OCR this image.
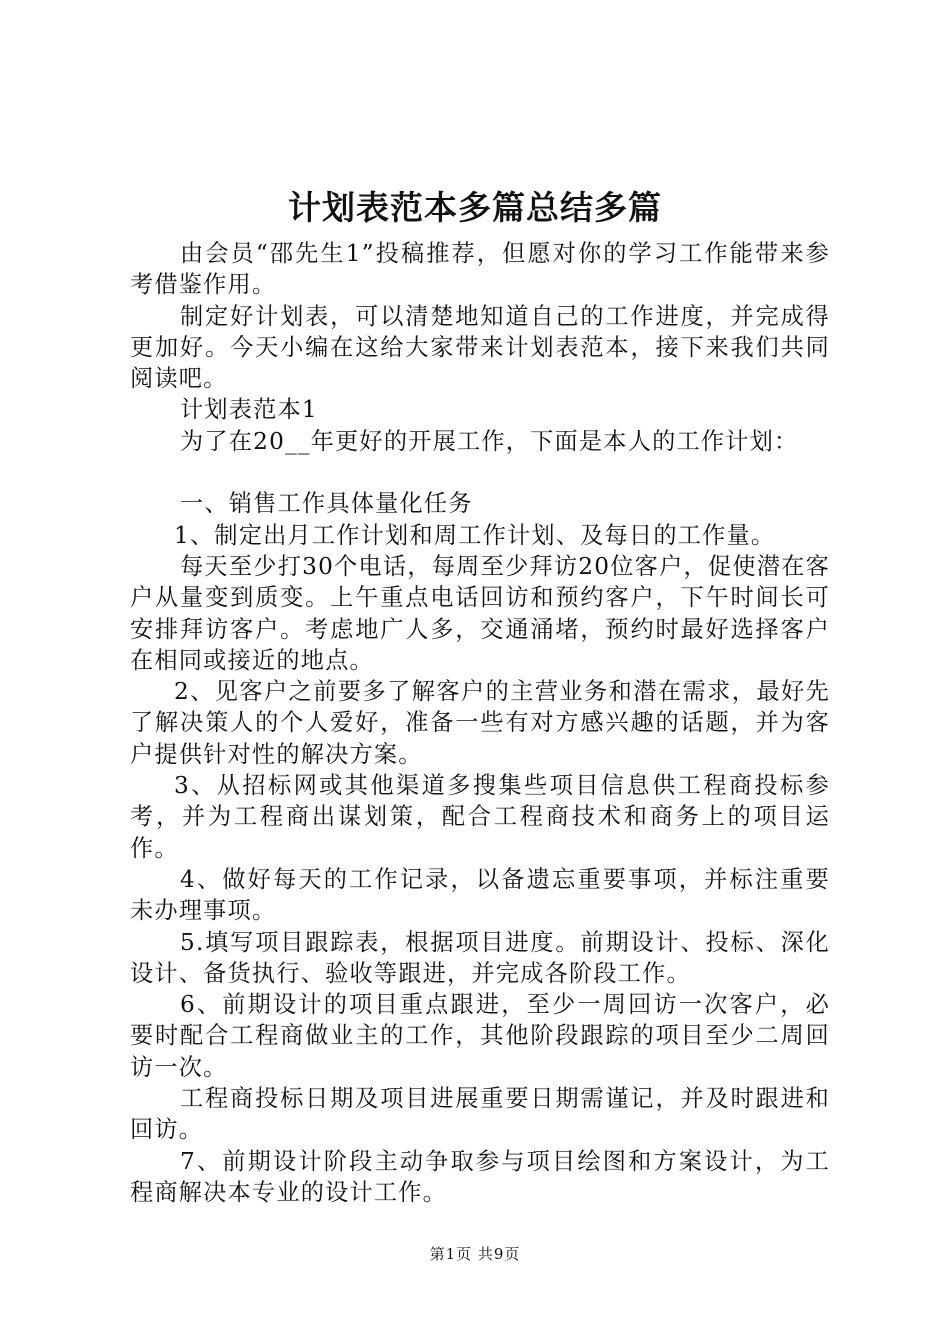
计划表范本多篇总结多篇

由会员“邵先生1”投稿推荐，但愿对你的学习工作能带来参考借鉴作用。

制定好计划表，可以清楚地知道自己的工作进度，并完成得更加好。今天小编在这给大家带来计划表范本，接下来我们共同阅读吧。

计划表范本1

为了在20__年更好的开展工作，下面是本人的工作计划：

一、销售工作具体量化任务

1、制定出月工作计划和周工作计划、及每日的工作量。

每天至少打30个电话，每周至少拜访20位客户，促使潜在客户从量变到质变。上午重点电话回访和预约客户，下午时间长可安排拜访客户。考虑地广人多，交通涌堵，预约时最好选择客户在相同或接近的地点。

2、见客户之前要多了解客户的主营业务和潜在需求，最好先了解决策人的个人爱好，准备一些有对方感兴趣的话题，并为客户提供针对性的解决方案。

3、从招标网或其他渠道多搜集些项目信息供工程商投标参考，并为工程商出谋划策，配合工程商技术和商务上的项目运作。

4、做好每天的工作记录，以备遗忘重要事项，并标注重要未办理事项。

5.填写项目跟踪表，根据项目进度。前期设计、投标、深化设计、备货执行、验收等跟进，并完成各阶段工作。

6、前期设计的项目重点跟进，至少一周回访一次客户，必要时配合工程商做业主的工作，其他阶段跟踪的项目至少二周回访一次。

工程商投标日期及项目进展重要日期需谨记，并及时跟进和回访。

7、前期设计阶段主动争取参与项目绘图和方案设计，为工程商解决本专业的设计工作。

第1页 共9页
